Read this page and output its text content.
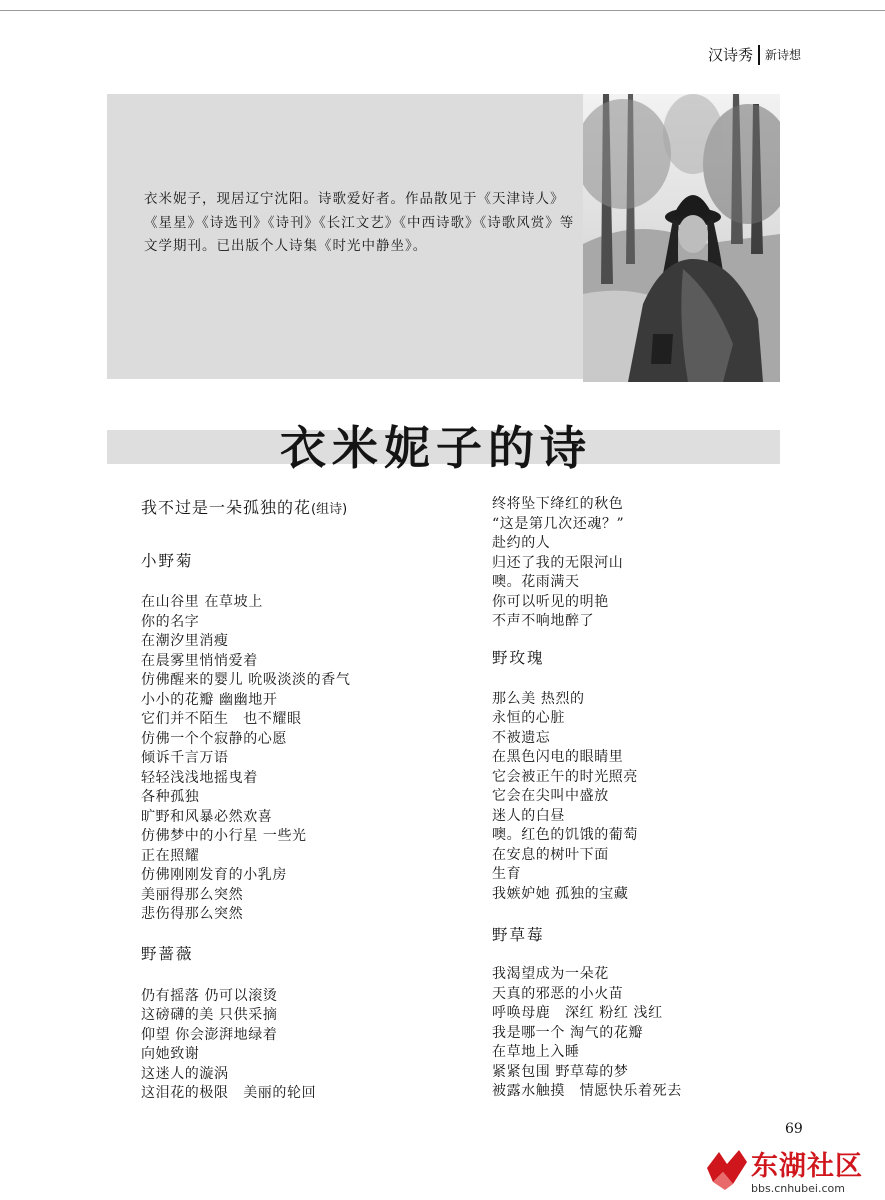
汉诗秀 新诗想

衣米妮子，现居辽宁沈阳。诗歌爱好者。作品散见于《天津诗人》《星星》《诗选刊》《诗刊》《长江文艺》《中西诗歌》《诗歌风赏》等文学期刊。已出版个人诗集《时光中静坐》。

衣米妮子的诗

我不过是一朵孤独的花(组诗)

小野菊

在山谷里 在草坡上
你的名字
在潮汐里消瘦
在晨雾里悄悄爱着
仿佛醒来的婴儿 吮吸淡淡的香气
小小的花瓣 幽幽地开
它们并不陌生　也不耀眼
仿佛一个个寂静的心愿
倾诉千言万语
轻轻浅浅地摇曳着
各种孤独
旷野和风暴必然欢喜
仿佛梦中的小行星 一些光
正在照耀
仿佛刚刚发育的小乳房
美丽得那么突然
悲伤得那么突然

野蔷薇

仍有摇落 仍可以滚烫
这磅礴的美 只供采摘
仰望 你会澎湃地绿着
向她致谢
这迷人的漩涡
这泪花的极限　美丽的轮回
终将坠下绛红的秋色
“这是第几次还魂？”
赴约的人
归还了我的无限河山
噢。花雨满天
你可以听见的明艳
不声不响地醉了

野玫瑰

那么美 热烈的
永恒的心脏
不被遗忘
在黑色闪电的眼睛里
它会被正午的时光照亮
它会在尖叫中盛放
迷人的白昼
噢。红色的饥饿的葡萄
在安息的树叶下面
生育
我嫉妒她 孤独的宝藏

野草莓

我渴望成为一朵花
天真的邪恶的小火苗
呼唤母鹿　深红 粉红 浅红
我是哪一个 淘气的花瓣
在草地上入睡
紧紧包围 野草莓的梦
被露水触摸　情愿快乐着死去
69
东湖社区
bbs.cnhubei.com
